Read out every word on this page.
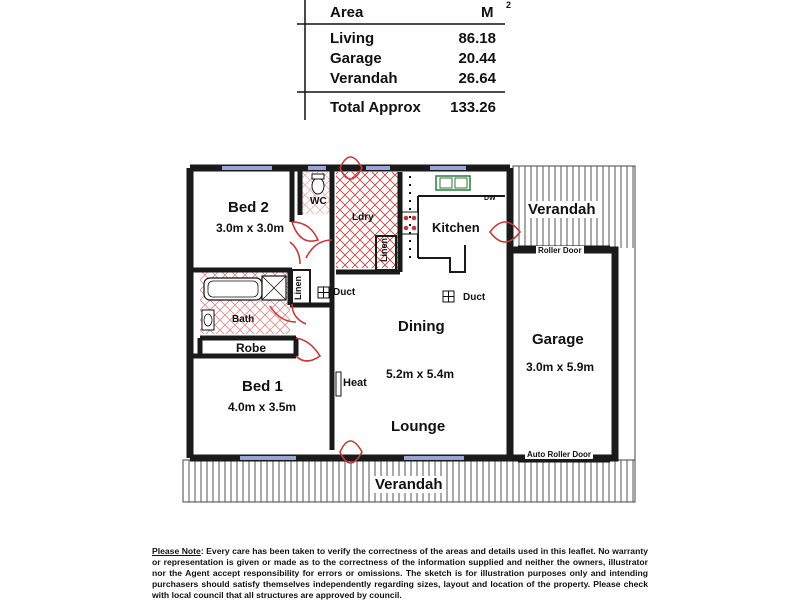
Area	M 2
Living	86.18
Garage	20.44
Verandah	26.64
Total Approx	133.26
Bed 2
3.0m x 3.0m
WC
Ldry
Linen
Kitchen
DW
Linen	Duct	Duct
Bath
Robe
Dining
5.2m x 5.4m
Heat
Bed 1
4.0m x 3.5m
Lounge
Garage
3.0m x 5.9m
Verandah
Verandah
Roller Door
Auto Roller Door
Please Note: Every care has been taken to verify the correctness of the areas and details used in this leaflet. No warranty or representation is given or made as to the correctness of the information supplied and neither the owners, illustrator nor the Agent accept responsibility for errors or omissions. The sketch is for illustration purposes only and intending purchasers should satisfy themselves independently regarding sizes, layout and location of the property. Please check with local council that all structures are approved by council.
